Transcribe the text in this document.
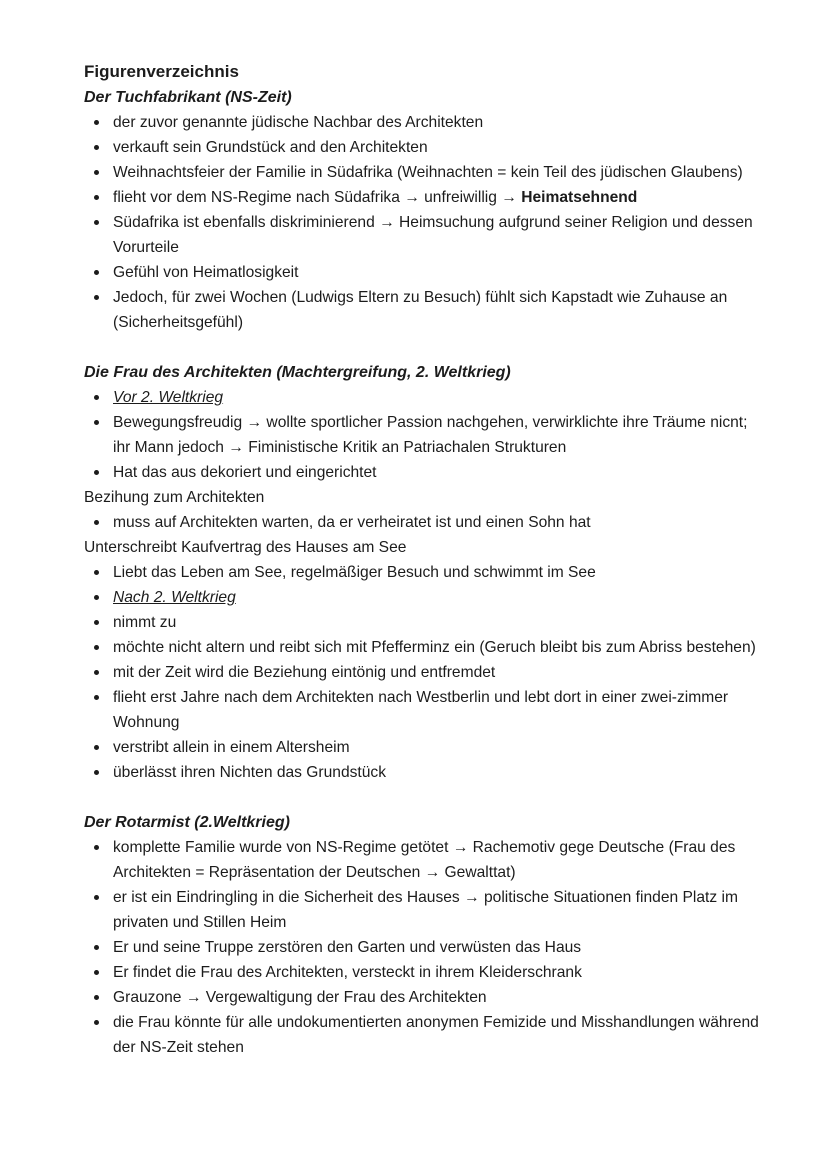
Figurenverzeichnis

Der Tuchfabrikant (NS-Zeit)

der zuvor genannte jüdische Nachbar des Architekten
verkauft sein Grundstück and den Architekten
Weihnachtsfeier der Familie in Südafrika (Weihnachten = kein Teil des jüdischen Glaubens)
flieht vor dem NS-Regime nach Südafrika → unfreiwillig → Heimatsehnend
Südafrika ist ebenfalls diskriminierend → Heimsuchung aufgrund seiner Religion und dessen Vorurteile
Gefühl von Heimatlosigkeit
Jedoch, für zwei Wochen (Ludwigs Eltern zu Besuch) fühlt sich Kapstadt wie Zuhause an (Sicherheitsgefühl)

Die Frau des Architekten (Machtergreifung, 2. Weltkrieg)

Vor 2. Weltkrieg
Bewegungsfreudig → wollte sportlicher Passion nachgehen, verwirklichte ihre Träume nicnt; ihr Mann jedoch → Fiministische Kritik an Patriachalen Strukturen
Hat das aus dekoriert und eingerichtet

Bezihung zum Architekten

muss auf Architekten warten, da er verheiratet ist und einen Sohn hat

Unterschreibt Kaufvertrag des Hauses am See

Liebt das Leben am See, regelmäßiger Besuch und schwimmt im See
Nach 2. Weltkrieg
nimmt zu
möchte nicht altern und reibt sich mit Pfefferminz ein (Geruch bleibt bis zum Abriss bestehen)
mit der Zeit wird die Beziehung eintönig und entfremdet
flieht erst Jahre nach dem Architekten nach Westberlin und lebt dort in einer zwei-zimmer Wohnung
verstribt allein in einem Altersheim
überlässt ihren Nichten das Grundstück

Der Rotarmist (2.Weltkrieg)

komplette Familie wurde von NS-Regime getötet → Rachemotiv gege Deutsche (Frau des Architekten = Repräsentation der Deutschen → Gewalttat)
er ist ein Eindringling in die Sicherheit des Hauses → politische Situationen finden Platz im privaten und Stillen Heim
Er und seine Truppe zerstören den Garten und verwüsten das Haus
Er findet die Frau des Architekten, versteckt in ihrem Kleiderschrank
Grauzone → Vergewaltigung der Frau des Architekten
die Frau könnte für alle undokumentierten anonymen Femizide und Misshandlungen während der NS-Zeit stehen
